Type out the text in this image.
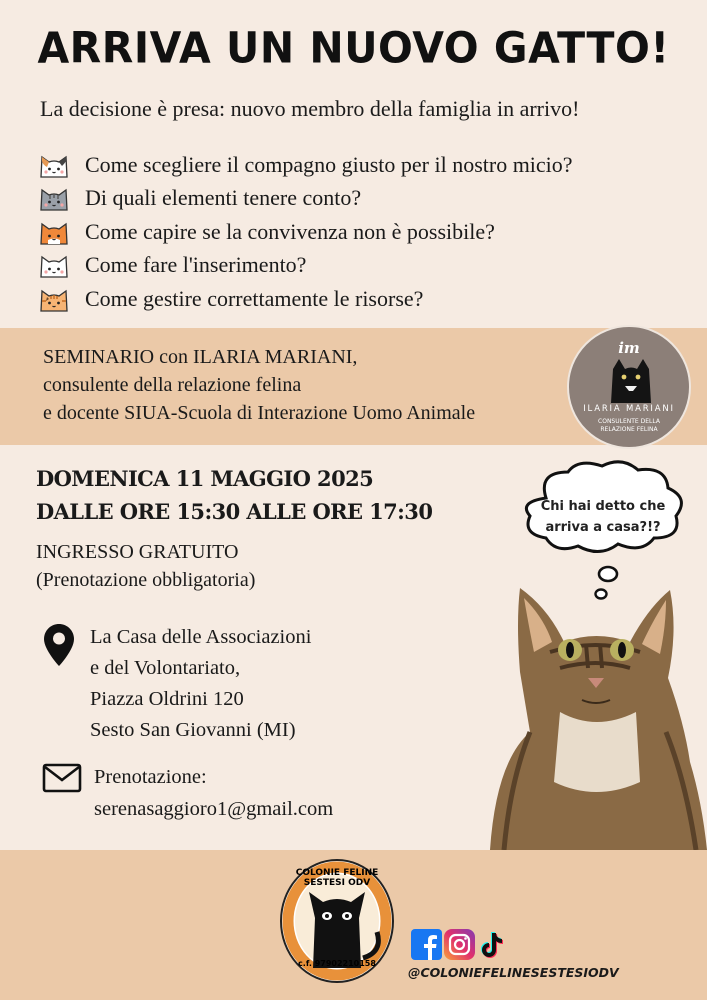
ARRIVA UN NUOVO GATTO!

La decisione è presa: nuovo membro della famiglia in arrivo!

Come scegliere il compagno giusto per il nostro micio?
Di quali elementi tenere conto?
Come capire se la convivenza non è possibile?
Come fare l'inserimento?
Come gestire correttamente le risorse?
SEMINARIO con ILARIA MARIANI,
consulente della relazione felina
e docente SIUA-Scuola di Interazione Uomo Animale
im
ILARIA MARIANI
CONSULENTE DELLA
RELAZIONE FELINA
DOMENICA 11 MAGGIO 2025
DALLE ORE 15:30 ALLE ORE 17:30
INGRESSO GRATUITO
(Prenotazione obbligatoria)
La Casa delle Associazioni
e del Volontariato,
Piazza Oldrini 120
Sesto San Giovanni (MI)
Prenotazione:
serenasaggioro1@gmail.com
Chi hai detto che
arriva a casa?!?
COLONIE FELINE SESTESI ODV
c.f. 97902210158
@COLONIEFELINESESTESIODV
